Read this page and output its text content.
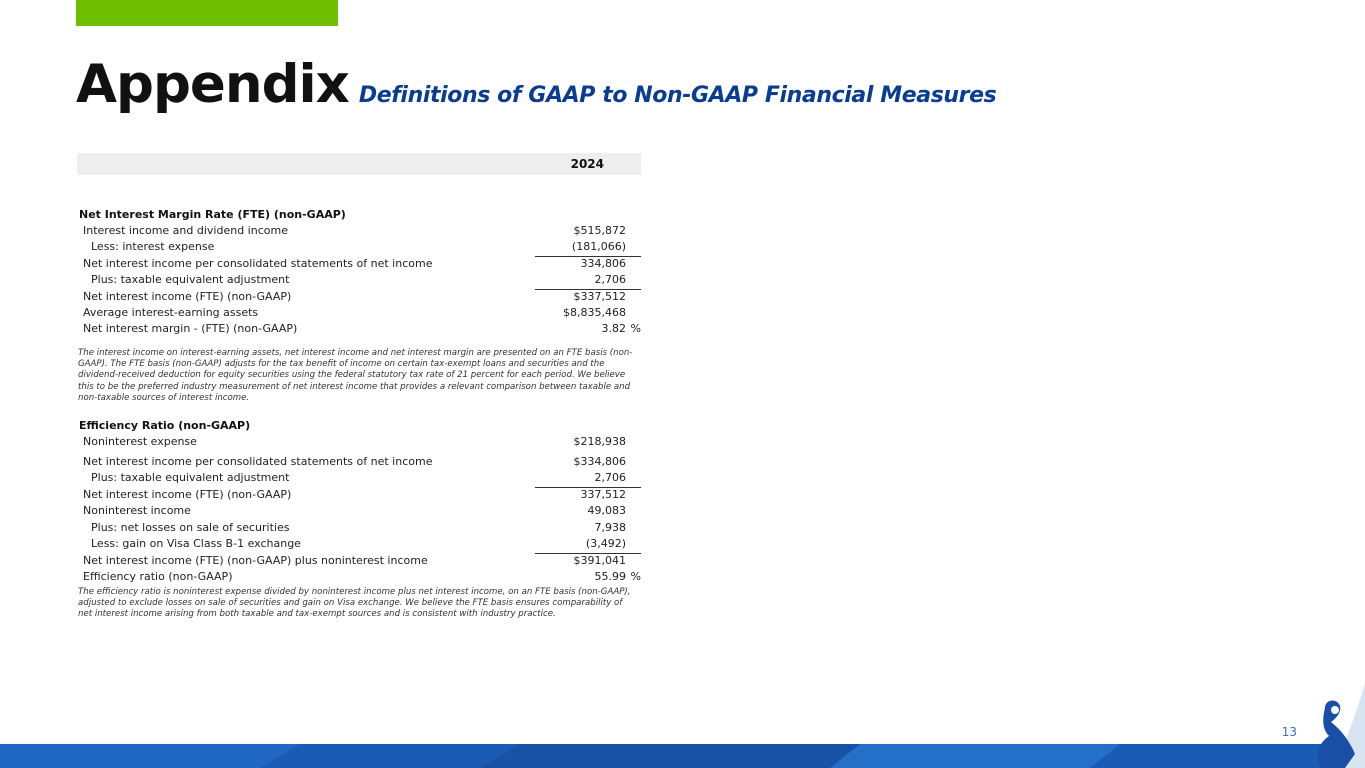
Appendix Definitions of GAAP to Non-GAAP Financial Measures
2024
Net Interest Margin Rate (FTE) (non-GAAP)
Interest income and dividend income	$515,872
Less: interest expense	(181,066)
Net interest income per consolidated statements of net income	334,806
Plus: taxable equivalent adjustment	2,706
Net interest income (FTE) (non-GAAP)	$337,512
Average interest-earning assets	$8,835,468
Net interest margin - (FTE) (non-GAAP)	3.82 %
The interest income on interest-earning assets, net interest income and net interest margin are presented on an FTE basis (non-GAAP). The FTE basis (non-GAAP) adjusts for the tax benefit of income on certain tax-exempt loans and securities and the dividend-received deduction for equity securities using the federal statutory tax rate of 21 percent for each period. We believe this to be the preferred industry measurement of net interest income that provides a relevant comparison between taxable and non-taxable sources of interest income.
Efficiency Ratio (non-GAAP)
Noninterest expense	$218,938
Net interest income per consolidated statements of net income	$334,806
Plus: taxable equivalent adjustment	2,706
Net interest income (FTE) (non-GAAP)	337,512
Noninterest income	49,083
Plus: net losses on sale of securities	7,938
Less: gain on Visa Class B-1 exchange	(3,492)
Net interest income (FTE) (non-GAAP) plus noninterest income	$391,041
Efficiency ratio (non-GAAP)	55.99 %
The efficiency ratio is noninterest expense divided by noninterest income plus net interest income, on an FTE basis (non-GAAP), adjusted to exclude losses on sale of securities and gain on Visa exchange. We believe the FTE basis ensures comparability of net interest income arising from both taxable and tax-exempt sources and is consistent with industry practice.
13
